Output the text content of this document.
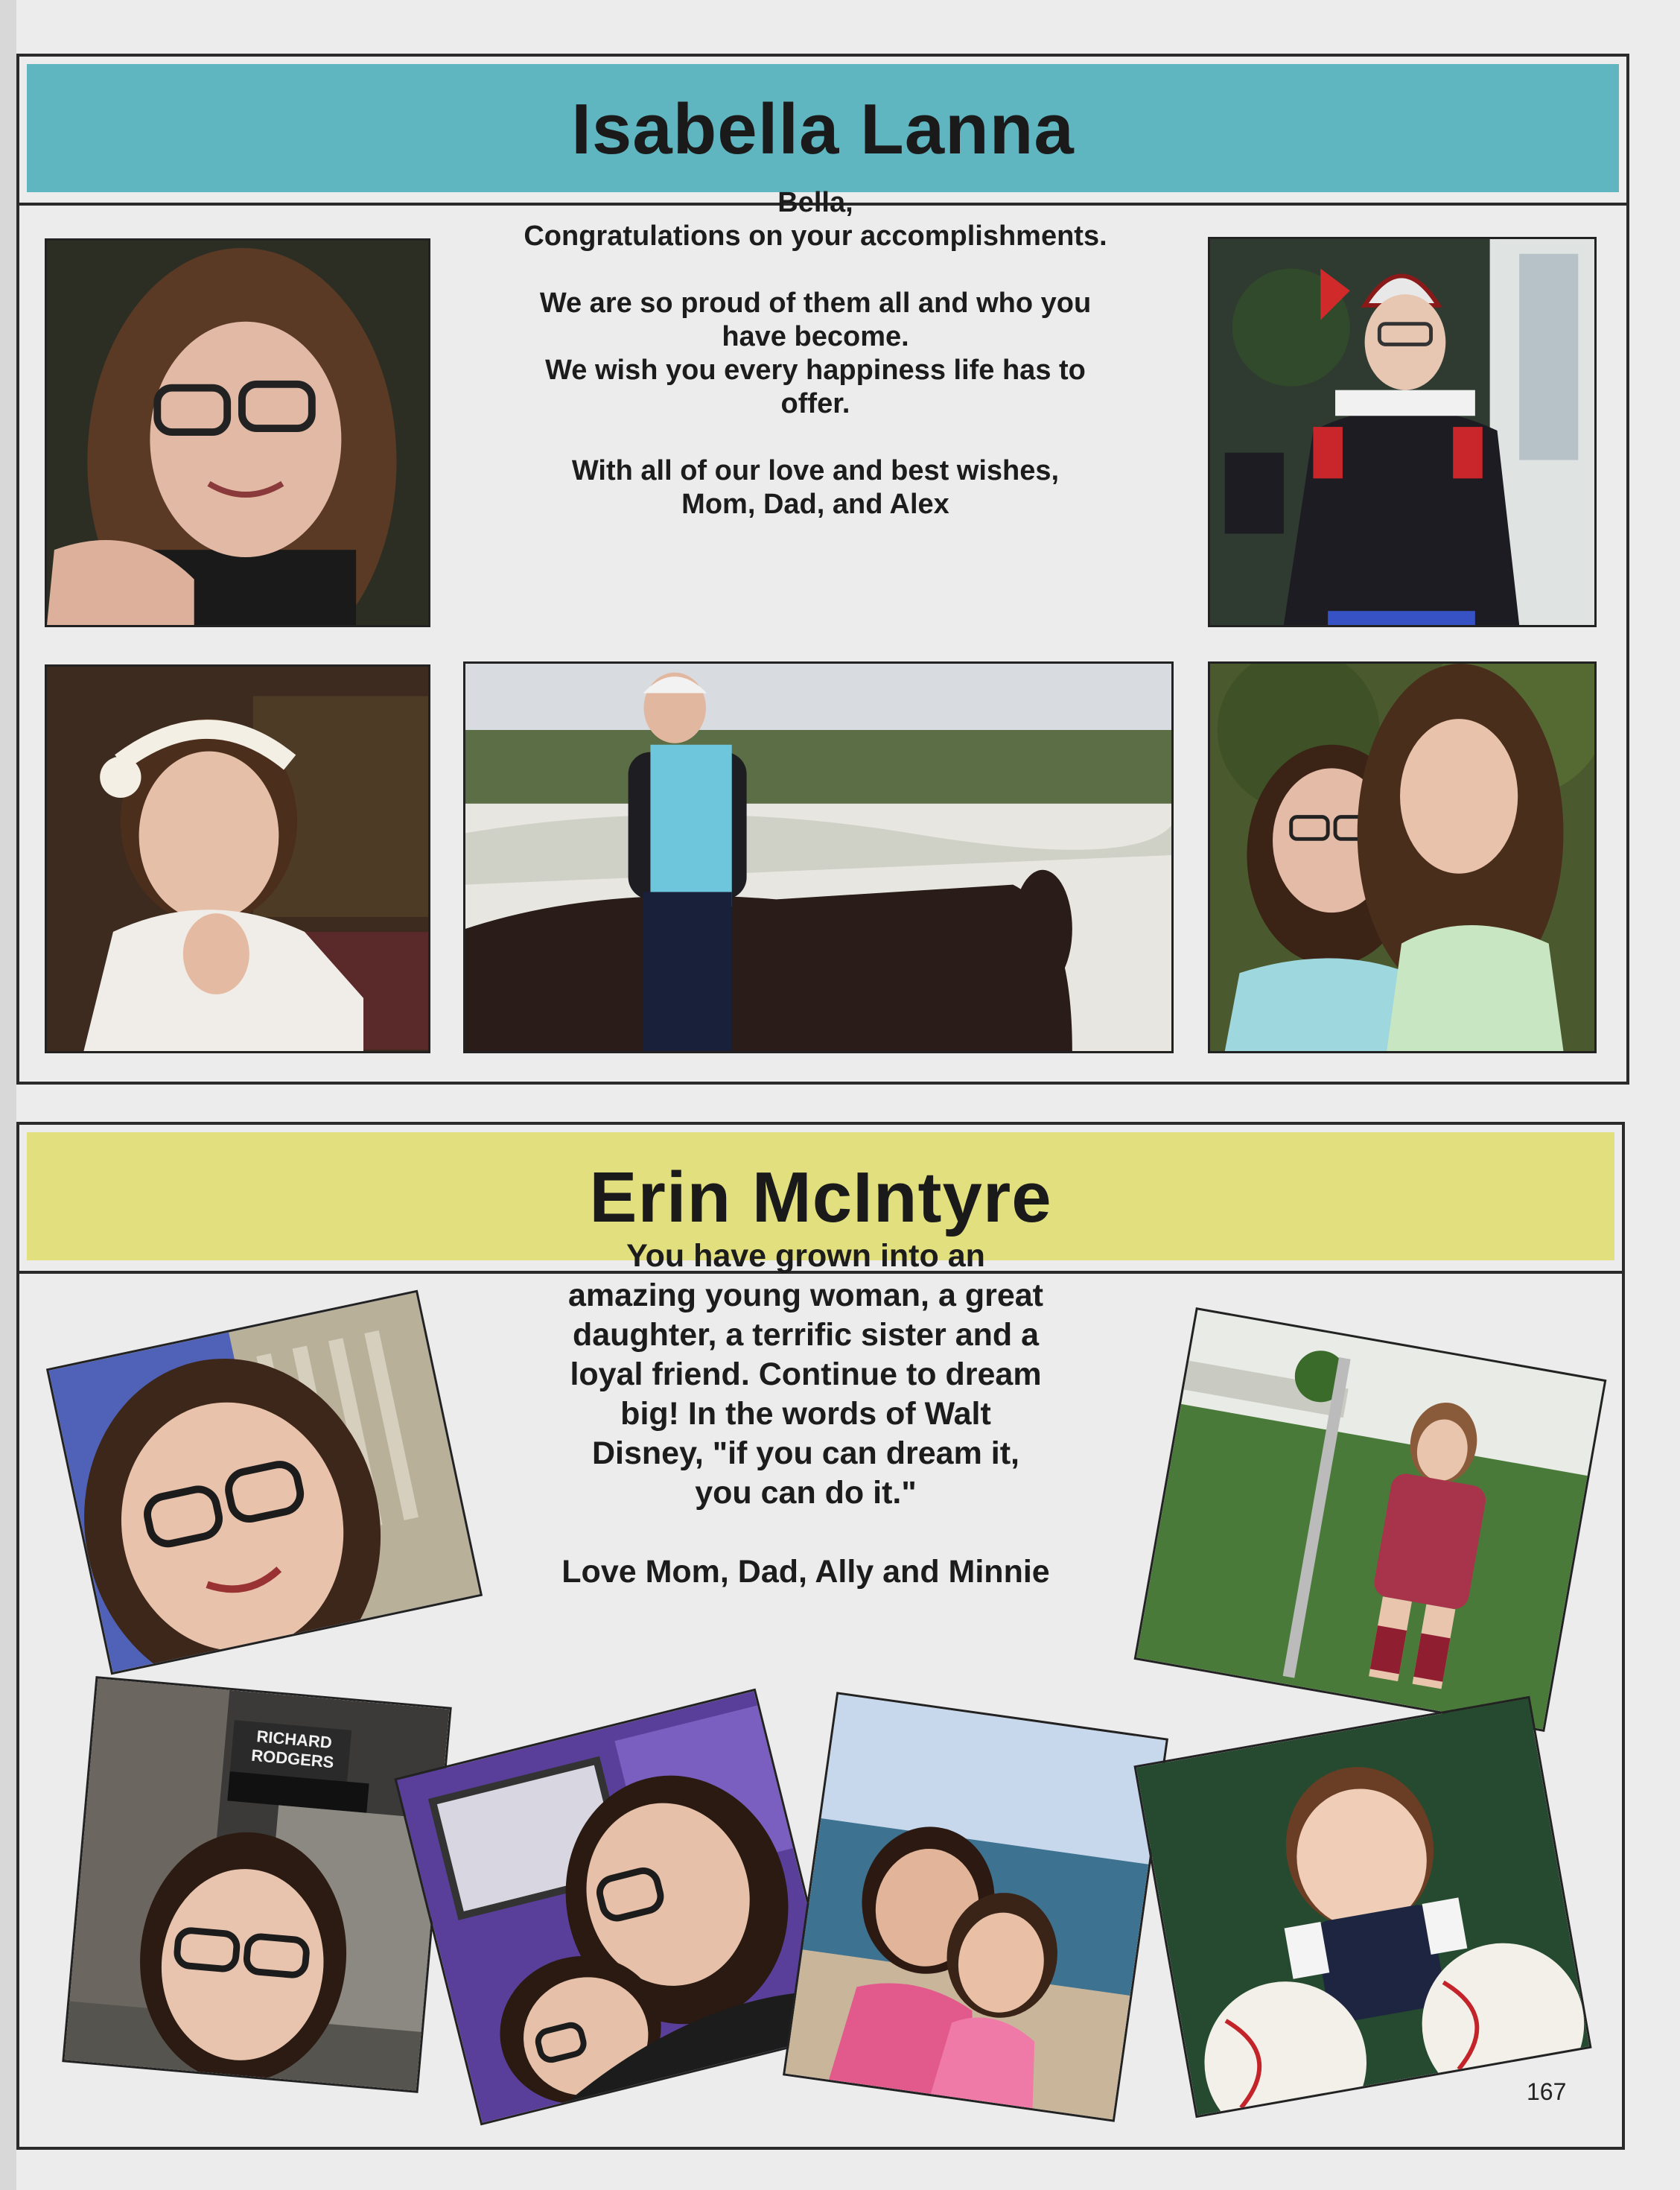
Isabella Lanna
Bella,
Congratulations on your accomplishments.

We are so proud of them all and who you
have become.
We wish you every happiness life has to
offer.

With all of our love and best wishes,
Mom, Dad, and Alex
Erin McIntyre
You have grown into an
amazing young woman, a great
daughter, a terrific sister and a
loyal friend. Continue to dream
big! In the words of Walt
Disney, "if you can dream it,
you can do it."

Love Mom, Dad, Ally and Minnie
RICHARD
RODGERS
167
